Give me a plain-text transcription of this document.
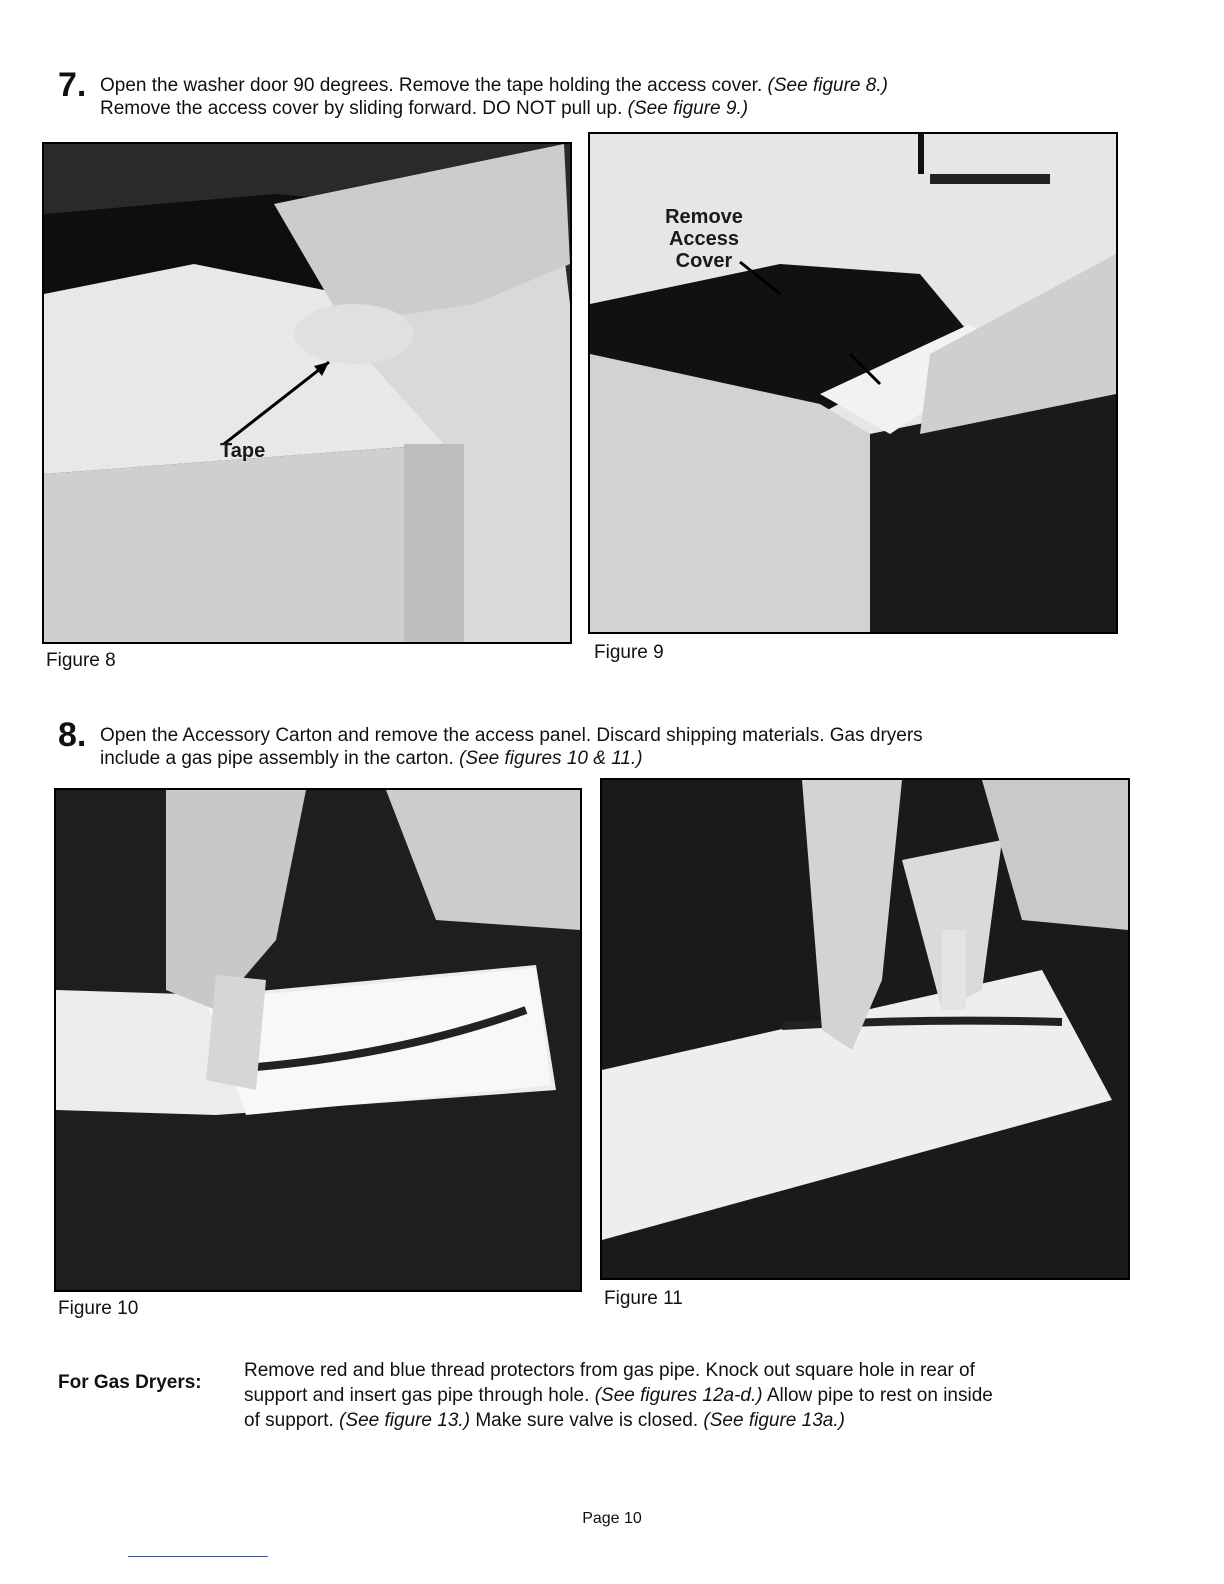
7. Open the washer door 90 degrees. Remove the tape holding the access cover. (See figure 8.)
Remove the access cover by sliding forward. DO NOT pull up. (See figure 9.)
Tape
Figure 8
Remove
Access
Cover
Figure 9
8. Open the Accessory Carton and remove the access panel. Discard shipping materials. Gas dryers
include a gas pipe assembly in the carton. (See figures 10 & 11.)
Figure 10	Figure 11
For Gas Dryers:
Remove red and blue thread protectors from gas pipe. Knock out square hole in rear of
support and insert gas pipe through hole. (See figures 12a-d.) Allow pipe to rest on inside
of support. (See figure 13.) Make sure valve is closed. (See figure 13a.)
Page 10
